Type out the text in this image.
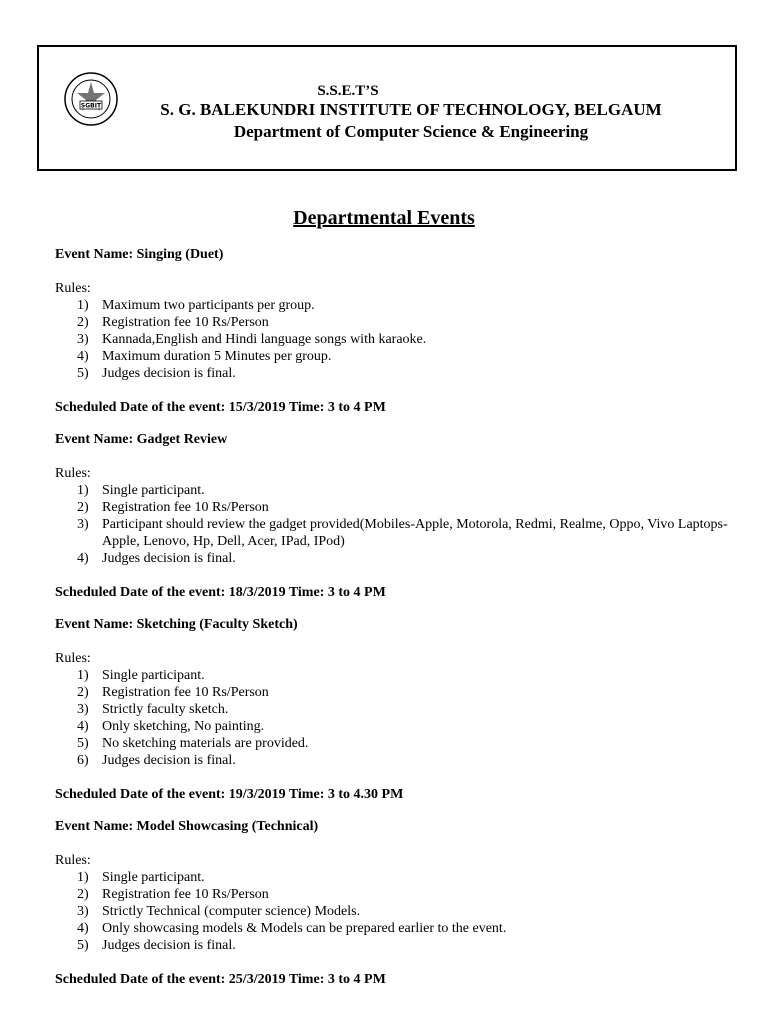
SGBIT
S.S.E.T’S
S. G. BALEKUNDRI INSTITUTE OF TECHNOLOGY, BELGAUM
Department of Computer Science & Engineering
Departmental Events
Event Name: Singing (Duet)
Rules:
1) Maximum two participants per group.
2) Registration fee 10 Rs/Person
3) Kannada,English and Hindi language songs with karaoke.
4) Maximum duration 5 Minutes per group.
5) Judges decision is final.
Scheduled Date of the event: 15/3/2019 Time: 3 to 4 PM
Event Name: Gadget Review
Rules:
1) Single participant.
2) Registration fee 10 Rs/Person
3) Participant should review the gadget provided(Mobiles-Apple, Motorola, Redmi, Realme, Oppo, Vivo Laptops-Apple, Lenovo, Hp, Dell, Acer, IPad, IPod)
4) Judges decision is final.
Scheduled Date of the event: 18/3/2019 Time: 3 to 4 PM
Event Name: Sketching (Faculty Sketch)
Rules:
1) Single participant.
2) Registration fee 10 Rs/Person
3) Strictly faculty sketch.
4) Only sketching, No painting.
5) No sketching materials are provided.
6) Judges decision is final.
Scheduled Date of the event: 19/3/2019 Time: 3 to 4.30 PM
Event Name: Model Showcasing (Technical)
Rules:
1) Single participant.
2) Registration fee 10 Rs/Person
3) Strictly Technical (computer science) Models.
4) Only showcasing models & Models can be prepared earlier to the event.
5) Judges decision is final.
Scheduled Date of the event: 25/3/2019 Time: 3 to 4 PM
